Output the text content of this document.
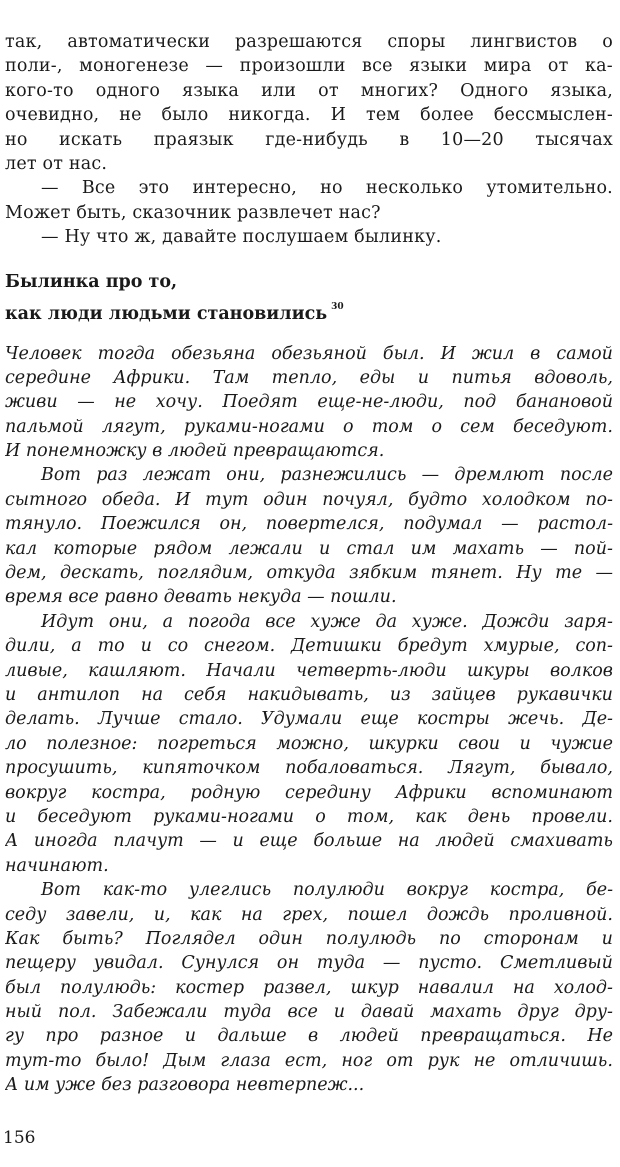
так, автоматически разрешаются споры лингвистов о
поли-, моногенезе — произошли все языки мира от ка-
кого-то одного языка или от многих? Одного языка,
очевидно, не было никогда. И тем более бессмыслен-
но искать праязык где-нибудь в 10—20 тысячах
лет от нас.
— Все это интересно, но несколько утомительно.
Может быть, сказочник развлечет нас?
— Ну что ж, давайте послушаем былинку.
Былинка про то,
как люди людьми становились $^{30}$
Человек тогда обезьяна обезьяной был. И жил в самой
середине Африки. Там тепло, еды и питья вдоволь,
живи — не хочу. Поедят еще-не-люди, под банановой
пальмой лягут, руками-ногами о том о сем беседуют.
И понемножку в людей превращаются.
Вот раз лежат они, разнежились — дремлют после
сытного обеда. И тут один почуял, будто холодком по-
тянуло. Поежился он, повертелся, подумал — растол-
кал которые рядом лежали и стал им махать — пой-
дем, дескать, поглядим, откуда зябким тянет. Ну те —
время все равно девать некуда — пошли.
Идут они, а погода все хуже да хуже. Дожди зaря-
дили, а то и со снегом. Детишки бредут хмурые, соп-
ливые, кашляют. Начали четверть-люди шкуры волков
и антилоп на себя накидывать, из зайцев рукавички
делать. Лучше стало. Удумали еще костры жечь. Де-
ло полезное: погреться можно, шкурки свои и чужие
просушить, кипяточком побаловаться. Лягут, бывало,
вокруг костра, родную середину Африки вспоминают
и беседуют руками-ногами о том, как день провели.
А иногда плачут — и еще больше на людей смахивать
начинают.
Вот как-то улеглись полулюди вокруг костра, бе-
седу завели, и, как на грех, пошел дождь проливной.
Как быть? Поглядел один полулюдь по сторонам и
пещеру увидал. Сунулся он туда — пусто. Сметливый
был полулюдь: костер развел, шкур навалил на холод-
ный пол. Забежали туда все и давай махать друг дру-
гу про разное и дальше в людей превращаться. Не
тут-то было! Дым глаза ест, ног от рук не отличишь.
А им уже без разговора невтерпеж...
156
